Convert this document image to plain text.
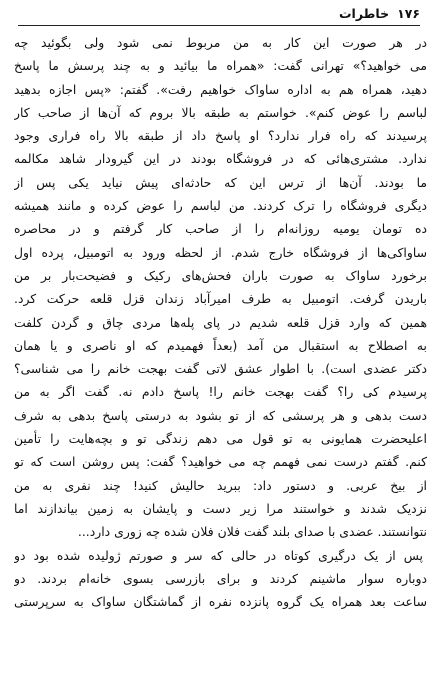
۱۷۶خاطرات
در هر صورت این کار به من مربوط نمی شود ولی بگوئید چه
می خواهید؟» تهرانی گفت: «همراه ما بیائید و به چند پرسش ما پاسخ
دهید، همراه هم به اداره ساواک خواهیم رفت». گفتم: «پس اجازه بدهید
لباسم را عوض کنم». خواستم به طبقه بالا بروم که آن‌ها از صاحب کار
پرسیدند که راه فرار ندارد؟ او پاسخ داد از طبقه بالا راه فراری وجود
ندارد. مشتری‌هائی که در فروشگاه بودند در این گیرودار شاهد مکالمه
ما بودند. آن‌ها از ترس این که حادثه‌ای پیش نیاید یکی پس از
دیگری فروشگاه را ترک کردند. من لباسم را عوض کرده و مانند همیشه
ده تومان یومیه روزانه‌ام را از صاحب کار گرفتم و در محاصره
ساواکی‌ها از فروشگاه خارج شدم. از لحظه ورود به اتومبیل، پرده اول
برخورد ساواک به صورت باران فحش‌های رکیک و فضیحت‌بار بر من
باریدن گرفت. اتومبیل به طرف امیرآباد زندان قزل قلعه حرکت کرد.
همین که وارد قزل قلعه شدیم در پای پله‌ها مردی چاق و گردن کلفت
به اصطلاح به استقبال من آمد (بعداً فهمیدم که او ناصری و یا همان
دکتر عضدی است). با اطوار عشق لاتی گفت بهجت خانم را می شناسی؟
پرسیدم کی را؟ گفت بهجت خانم را! پاسخ دادم نه. گفت اگر به من
دست بدهی و هر پرسشی که از تو بشود به درستی پاسخ بدهی به شرف
اعلیحضرت همایونی به تو قول می دهم زندگی تو و بچه‌هایت را تأمین
کنم. گفتم درست نمی فهمم چه می خواهید؟ گفت: پس روشن است که تو
از بیخ عربی. و دستور داد: ببرید حالیش کنید! چند نفری به من
نزدیک شدند و خواستند مرا زیر دست و پایشان به زمین بیاندازند اما
نتوانستند. عضدی با صدای بلند گفت فلان فلان شده چه زوری دارد...
پس از یک درگیری کوتاه در حالی که سر و صورتم ژولیده شده بود دو
دوباره سوار ماشینم کردند و برای بازرسی بسوی خانه‌ام بردند. دو
ساعت بعد همراه یک گروه پانزده نفره از گماشتگان ساواک به سرپرستی
